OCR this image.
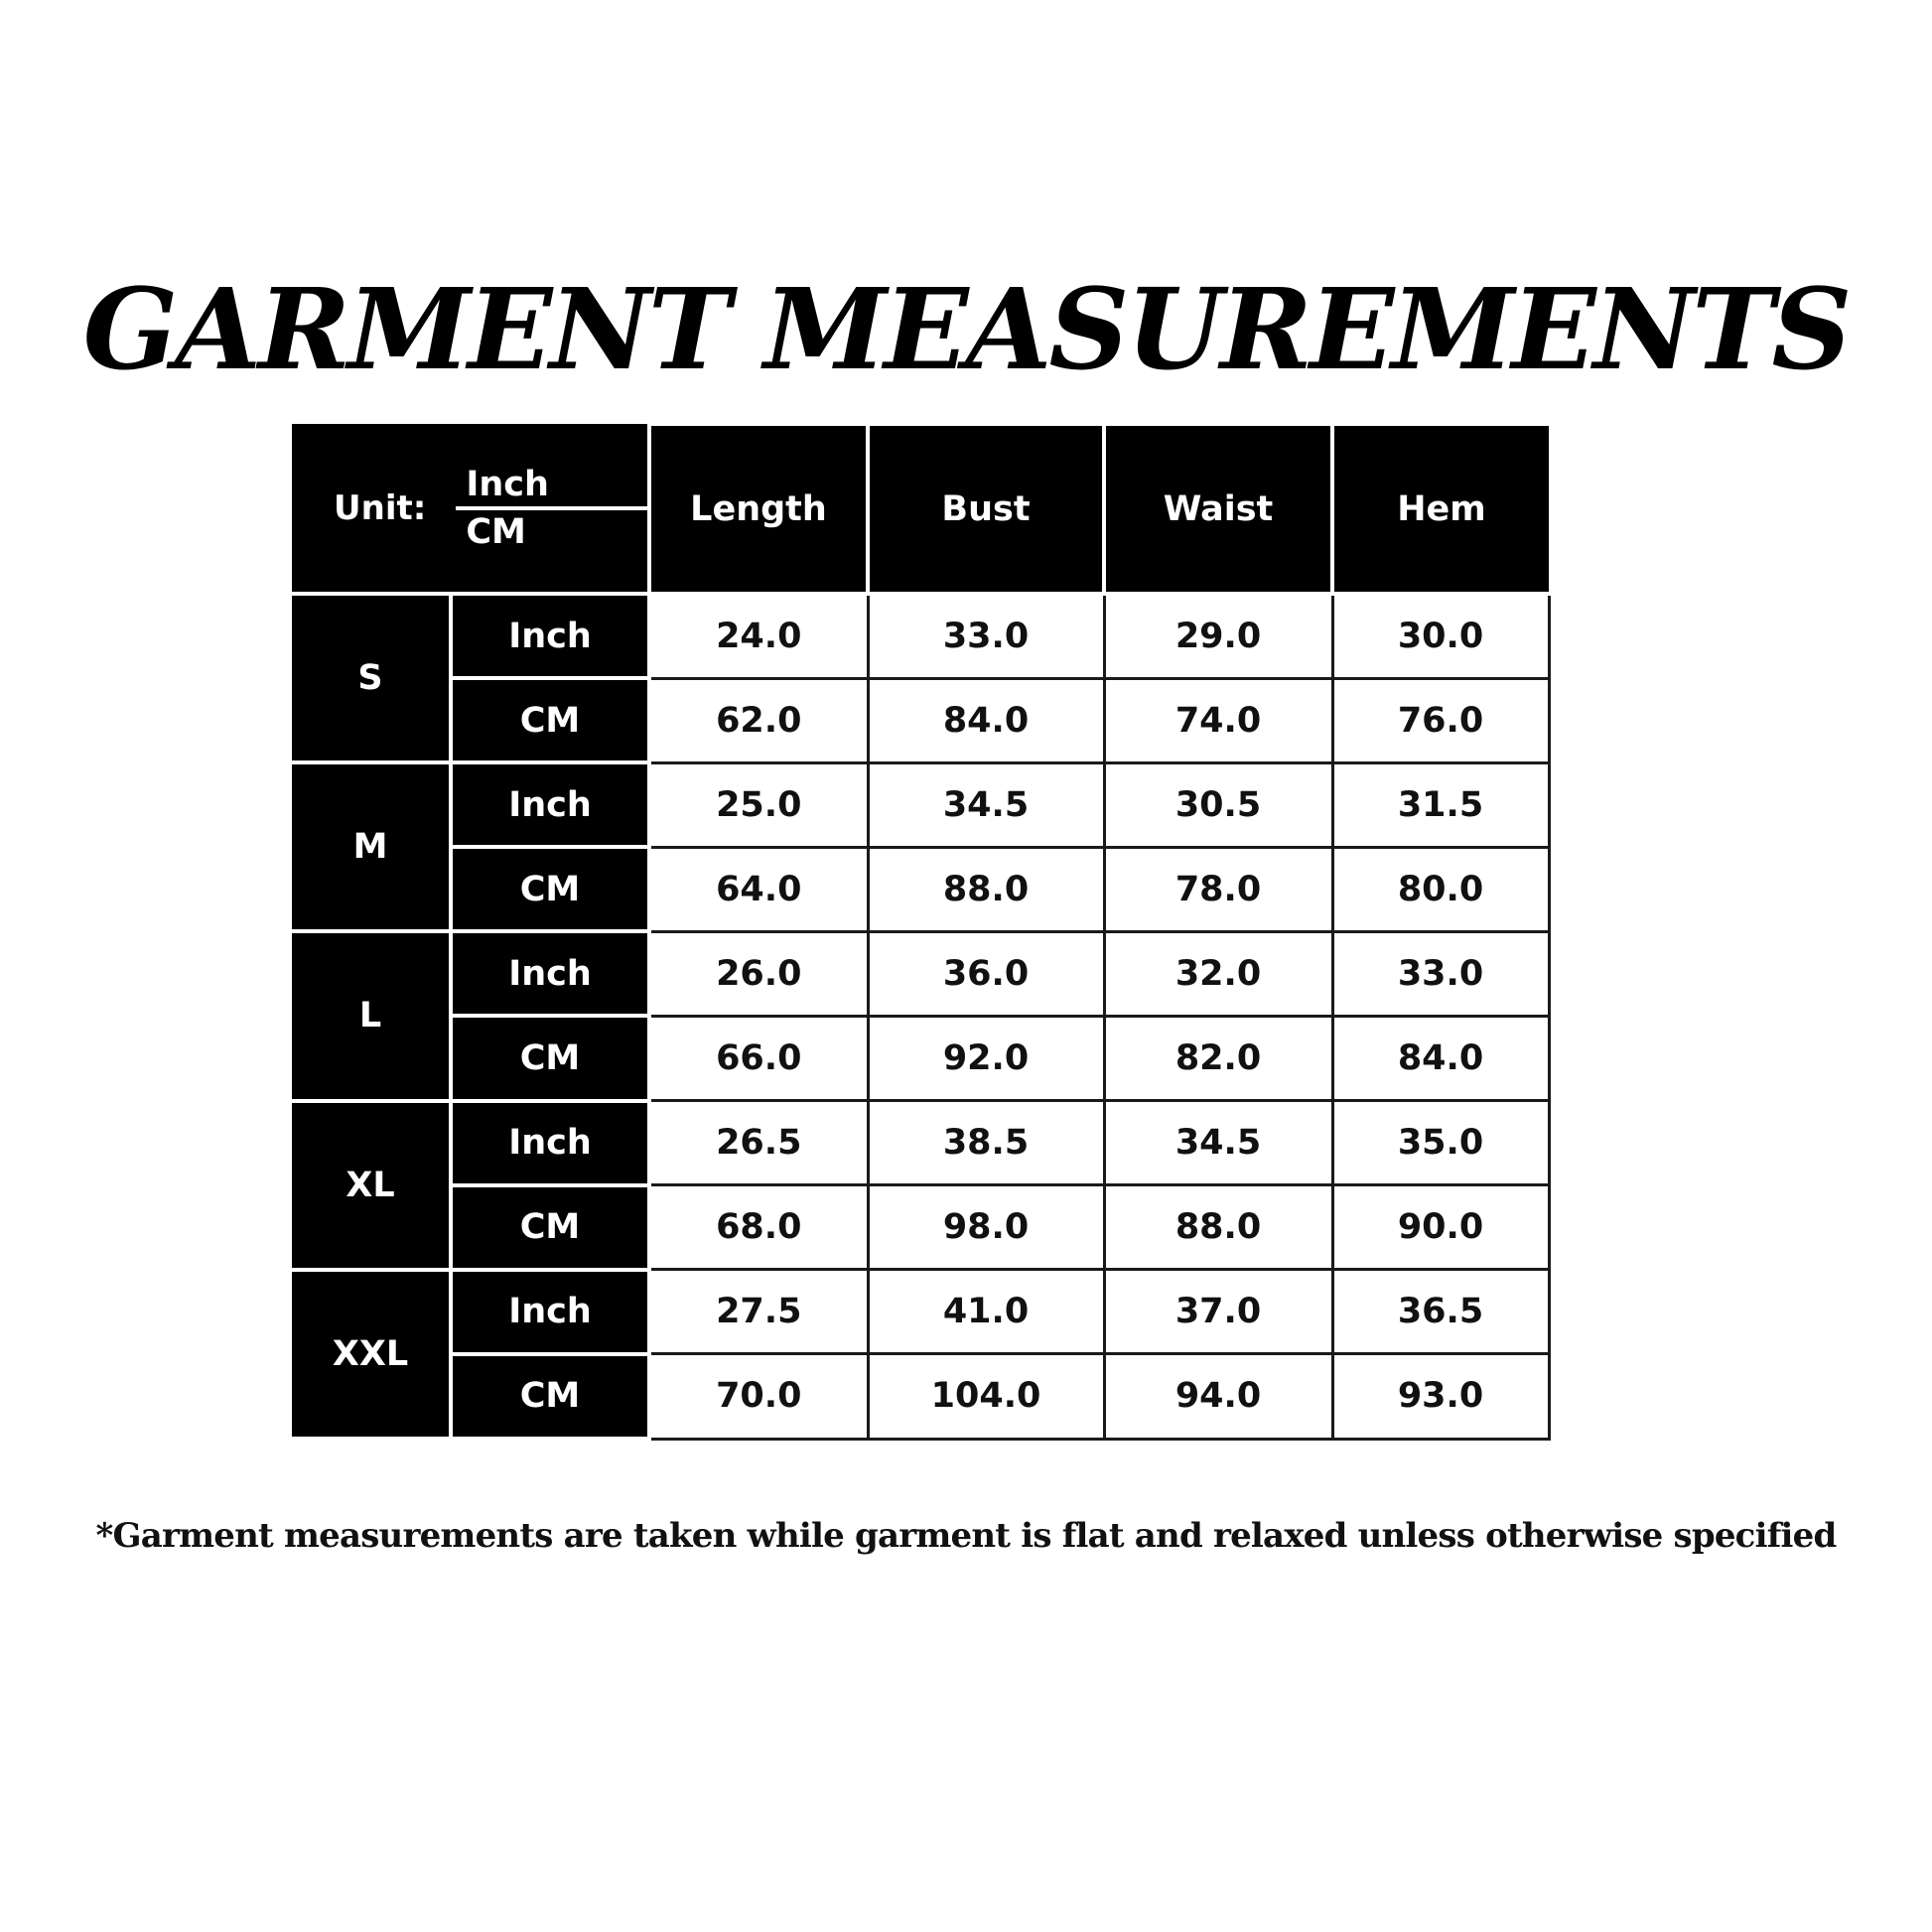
GARMENT MEASUREMENTS
Unit: $\frac{\text{Inch}}{CM}$		Length	Bust	Waist	Hem
S	Inch	24.0	33.0	29.0	30.0
	CM	62.0	84.0	74.0	76.0
M	Inch	25.0	34.5	30.5	31.5
	CM	64.0	88.0	78.0	80.0
L	Inch	26.0	36.0	32.0	33.0
	CM	66.0	92.0	82.0	84.0
XL	Inch	26.5	38.5	34.5	35.0
	CM	68.0	98.0	88.0	90.0
XXL	Inch	27.5	41.0	37.0	36.5
	CM	70.0	104.0	94.0	93.0
*Garment measurements are taken while garment is flat and relaxed unless otherwise specified
